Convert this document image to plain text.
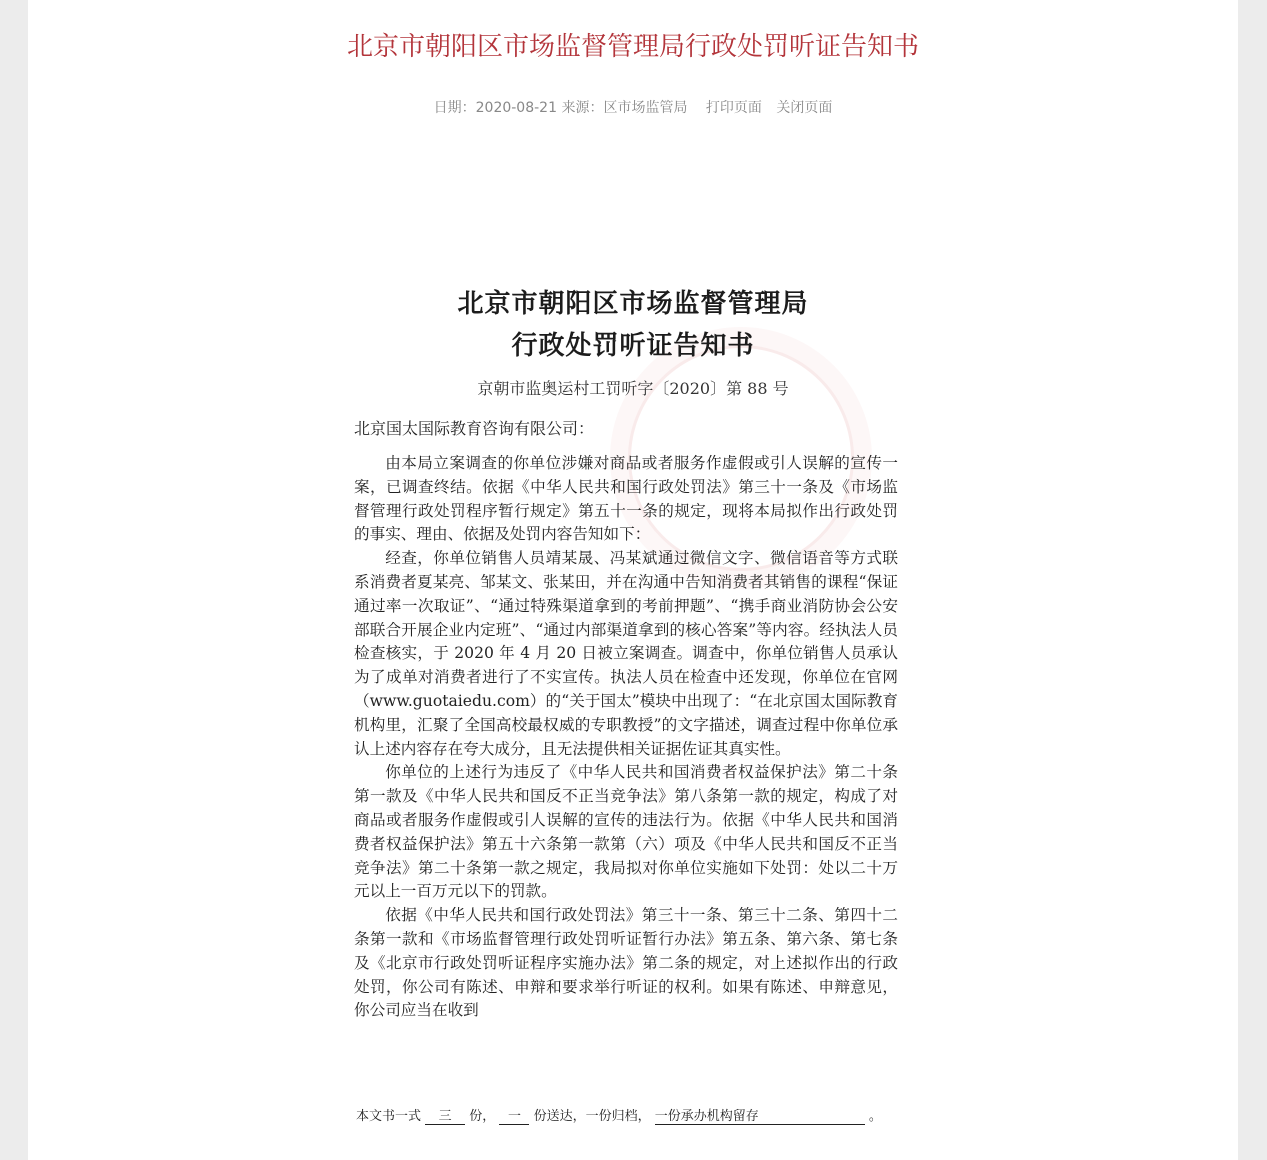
北京市朝阳区市场监督管理局行政处罚听证告知书
日期：2020-08-21 来源：区市场监管局 打印页面 关闭页面
北京市朝阳区市场监督管理局
行政处罚听证告知书
京朝市监奥运村工罚听字〔2020〕第 88 号
北京国太国际教育咨询有限公司：

由本局立案调查的你单位涉嫌对商品或者服务作虚假或引人误解的宣传一案，已调查终结。依据《中华人民共和国行政处罚法》第三十一条及《市场监督管理行政处罚程序暂行规定》第五十一条的规定，现将本局拟作出行政处罚的事实、理由、依据及处罚内容告知如下：

经查，你单位销售人员靖某晟、冯某斌通过微信文字、微信语音等方式联系消费者夏某亮、邹某文、张某田，并在沟通中告知消费者其销售的课程“保证通过率一次取证”、“通过特殊渠道拿到的考前押题”、“携手商业消防协会公安部联合开展企业内定班”、“通过内部渠道拿到的核心答案”等内容。经执法人员检查核实，于 2020 年 4 月 20 日被立案调查。调查中，你单位销售人员承认为了成单对消费者进行了不实宣传。执法人员在检查中还发现，你单位在官网（www.guotaiedu.com）的“关于国太”模块中出现了：“在北京国太国际教育机构里，汇聚了全国高校最权威的专职教授”的文字描述，调查过程中你单位承认上述内容存在夸大成分，且无法提供相关证据佐证其真实性。

你单位的上述行为违反了《中华人民共和国消费者权益保护法》第二十条第一款及《中华人民共和国反不正当竞争法》第八条第一款的规定，构成了对商品或者服务作虚假或引人误解的宣传的违法行为。依据《中华人民共和国消费者权益保护法》第五十六条第一款第（六）项及《中华人民共和国反不正当竞争法》第二十条第一款之规定，我局拟对你单位实施如下处罚：处以二十万元以上一百万元以下的罚款。

依据《中华人民共和国行政处罚法》第三十一条、第三十二条、第四十二条第一款和《市场监督管理行政处罚听证暂行办法》第五条、第六条、第七条及《北京市行政处罚听证程序实施办法》第二条的规定，对上述拟作出的行政处罚，你公司有陈述、申辩和要求举行听证的权利。如果有陈述、申辩意见，你公司应当在收到

本文书一式 三 份， 一 份送达，一份归档， 一份承办机构留存	。
